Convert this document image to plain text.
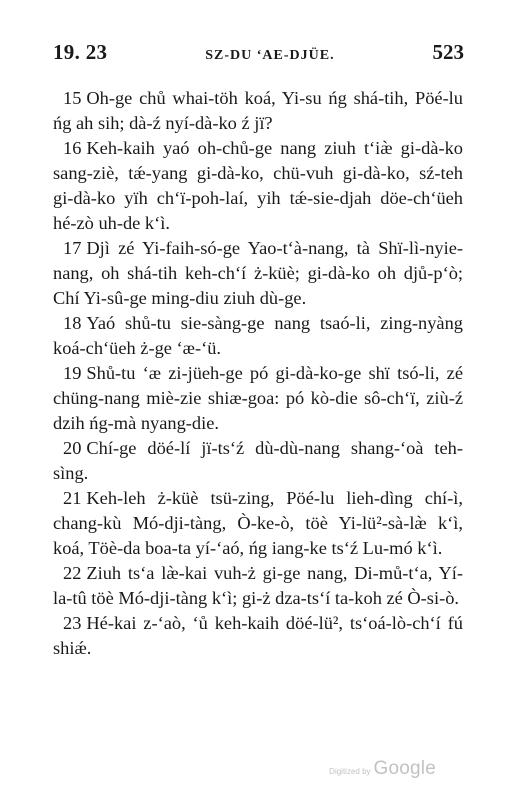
19. 23	SZ-DU ‘AE-DJÜE.	523

15 Oh-ge chů whai-töh koá, Yi-su ńg shá-tih, Pöé-lu ńg ah sih; dà-ź nyí-dà-ko ź jï?

16 Keh-kaih yaó oh-chů-ge nang ziuh t‘iæ̀ gi-dà-ko sang-ziè, tǽ-yang gi-dà-ko, chü-vuh gi-dà-ko, sź-teh gi-dà-ko yïh ch‘ï-poh-laí, yih tǽ-sie-djah döe-ch‘üeh hé-zò uh-de k‘ì.

17 Djì zé Yi-faih-só-ge Yao-t‘à-nang, tà Shï-lì-nyie-nang, oh shá-tih keh-ch‘í ż-küè; gi-dà-ko oh djů-p‘ò; Chí Yi-sû-ge ming-diu ziuh dù-ge.

18 Yaó shů-tu sie-sàng-ge nang tsaó-li, zing-nyàng koá-ch‘üeh ż-ge ‘æ-‘ü.

19 Shů-tu ‘æ zi-jüeh-ge pó gi-dà-ko-ge shï tsó-li, zé chüng-nang miè-zie shiæ-goa: pó kò-die sô-ch‘ï, ziù-ź dzih ńg-mà nyang-die.

20 Chí-ge döé-lí jï-ts‘ź dù-dù-nang shang-‘oà teh-sìng.

21 Keh-leh ż-küè tsü-zing, Pöé-lu lieh-dìng chí-ì, chang-kù Mó-dji-tàng, Ò-ke-ò, töè Yi-lü²-sà-læ̀ k‘ì, koá, Töè-da boa-ta yí-‘aó, ńg iang-ke ts‘ź Lu-mó k‘ì.

22 Ziuh ts‘a læ̀-kai vuh-ż gi-ge nang, Di-mů-t‘a, Yí-la-tû töè Mó-dji-tàng k‘ì; gi-ż dza-ts‘í ta-koh zé Ò-si-ò.

23 Hé-kai z-‘aò, ‘ů keh-kaih döé-lü², ts‘oá-lò-ch‘í fú shiǽ.

Digitized by Google
